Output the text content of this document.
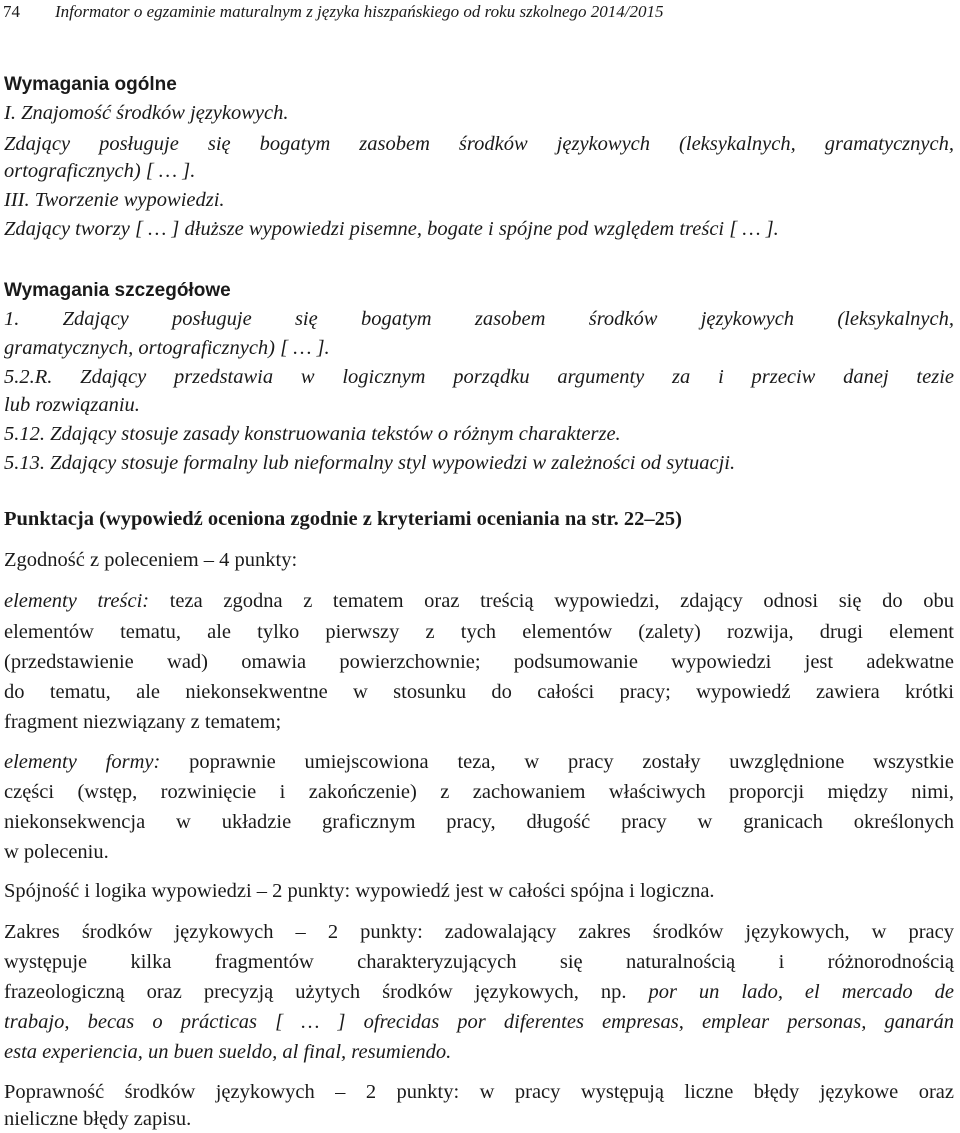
74 Informator o egzaminie maturalnym z języka hiszpańskiego od roku szkolnego 2014/2015
Wymagania ogólne
I. Znajomość środków językowych.
Zdający posługuje się bogatym zasobem środków językowych (leksykalnych, gramatycznych,
ortograficznych) [ … ].
III. Tworzenie wypowiedzi.
Zdający tworzy [ … ] dłuższe wypowiedzi pisemne, bogate i spójne pod względem treści [ … ].
Wymagania szczegółowe
1. Zdający posługuje się bogatym zasobem środków językowych (leksykalnych,
gramatycznych, ortograficznych) [ … ].
5.2.R. Zdający przedstawia w logicznym porządku argumenty za i przeciw danej tezie
lub rozwiązaniu.
5.12. Zdający stosuje zasady konstruowania tekstów o różnym charakterze.
5.13. Zdający stosuje formalny lub nieformalny styl wypowiedzi w zależności od sytuacji.
Punktacja (wypowiedź oceniona zgodnie z kryteriami oceniania na str. 22–25)
Zgodność z poleceniem – 4 punkty:
elementy treści: teza zgodna z tematem oraz treścią wypowiedzi, zdający odnosi się do obu
elementów tematu, ale tylko pierwszy z tych elementów (zalety) rozwija, drugi element
(przedstawienie wad) omawia powierzchownie; podsumowanie wypowiedzi jest adekwatne
do tematu, ale niekonsekwentne w stosunku do całości pracy; wypowiedź zawiera krótki
fragment niezwiązany z tematem;
elementy formy: poprawnie umiejscowiona teza, w pracy zostały uwzględnione wszystkie
części (wstęp, rozwinięcie i zakończenie) z zachowaniem właściwych proporcji między nimi,
niekonsekwencja w układzie graficznym pracy, długość pracy w granicach określonych
w poleceniu.
Spójność i logika wypowiedzi – 2 punkty: wypowiedź jest w całości spójna i logiczna.
Zakres środków językowych – 2 punkty: zadowalający zakres środków językowych, w pracy
występuje kilka fragmentów charakteryzujących się naturalnością i różnorodnością
frazeologiczną oraz precyzją użytych środków językowych, np. por un lado, el mercado de
trabajo, becas o prácticas [ … ] ofrecidas por diferentes empresas, emplear personas, ganarán
esta experiencia, un buen sueldo, al final, resumiendo.
Poprawność środków językowych – 2 punkty: w pracy występują liczne błędy językowe oraz
nieliczne błędy zapisu.
